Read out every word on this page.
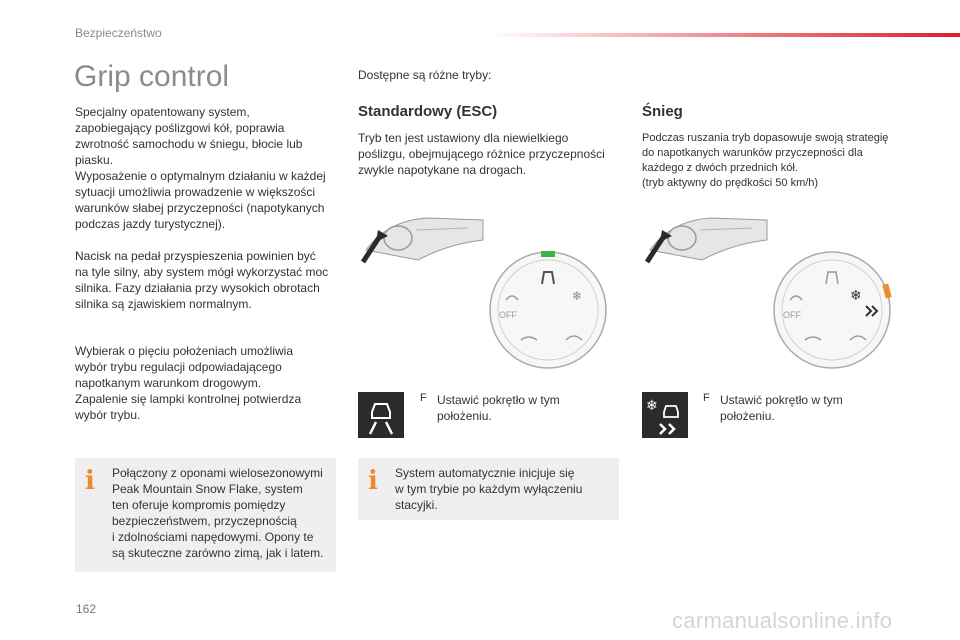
Bezpieczeństwo
Grip control
Specjalny opatentowany system,
zapobiegający poślizgowi kół, poprawia
zwrotność samochodu w śniegu, błocie lub
piasku.
Wyposażenie o optymalnym działaniu w każdej
sytuacji umożliwia prowadzenie w większości
warunków słabej przyczepności (napotykanych
podczas jazdy turystycznej).
Nacisk na pedał przyspieszenia powinien być
na tyle silny, aby system mógł wykorzystać moc
silnika. Fazy działania przy wysokich obrotach
silnika są zjawiskiem normalnym.
Wybierak o pięciu położeniach umożliwia
wybór trybu regulacji odpowiadającego
napotkanym warunkom drogowym.
Zapalenie się lampki kontrolnej potwierdza
wybór trybu.
i Połączony z oponami wielosezonowymi
Peak Mountain Snow Flake, system
ten oferuje kompromis pomiędzy
bezpieczeństwem, przyczepnością
i zdolnościami napędowymi. Opony te
są skuteczne zarówno zimą, jak i latem.
Dostępne są różne tryby:
Standardowy (ESC)
Tryb ten jest ustawiony dla niewielkiego
poślizgu, obejmującego różnice przyczepności
zwykle napotykane na drogach.
❄
OFF
F Ustawić pokrętło w tym
położeniu.
i System automatycznie inicjuje się
w tym trybie po każdym wyłączeniu
stacyjki.
Śnieg
Podczas ruszania tryb dopasowuje swoją strategię
do napotkanych warunków przyczepności dla
każdego z dwóch przednich kół.
(tryb aktywny do prędkości 50 km/h)
❄
OFF
❄	F Ustawić pokrętło w tym
położeniu.
162	carmanualsonline.info
